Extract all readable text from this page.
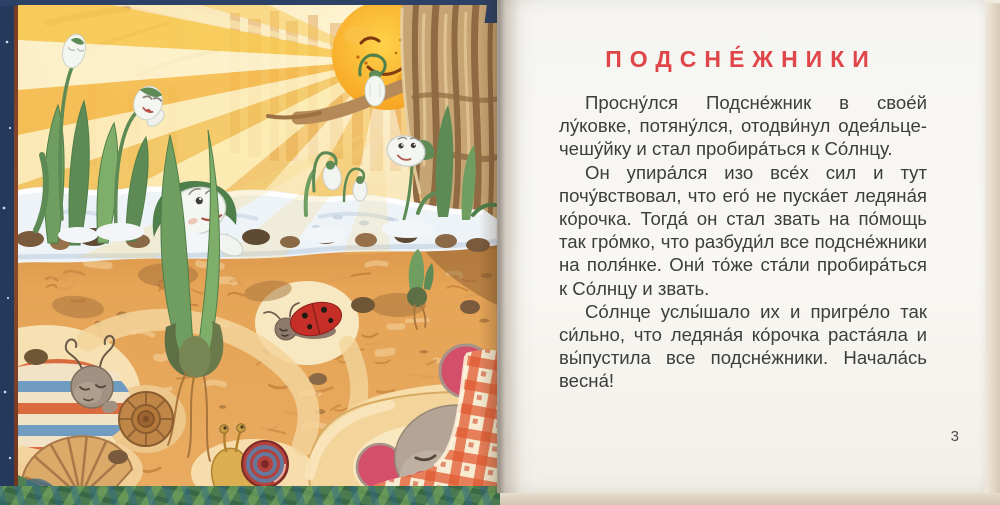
ПОДСНЕ́ЖНИКИ

Просну́лся Подсне́жник в свое́й лу́ковке, потяну́лся, отодви́нул одея́льце-чешу́йку и стал пробира́ться к Со́лнцу.

Он упира́лся изо все́х сил и тут почу́вствовал, что его́ не пуска́ет ледяна́я ко́рочка. Тогда́ он стал звать на по́мощь так гро́мко, что разбуди́л все подсне́жники на поля́нке. Они́ то́же ста́ли пробира́ться к Со́лнцу и звать.

Со́лнце услы́шало их и пригре́ло так си́льно, что ледяна́я ко́рочка раста́яла и вы́пустила все подсне́жники. Начала́сь весна́!

3
